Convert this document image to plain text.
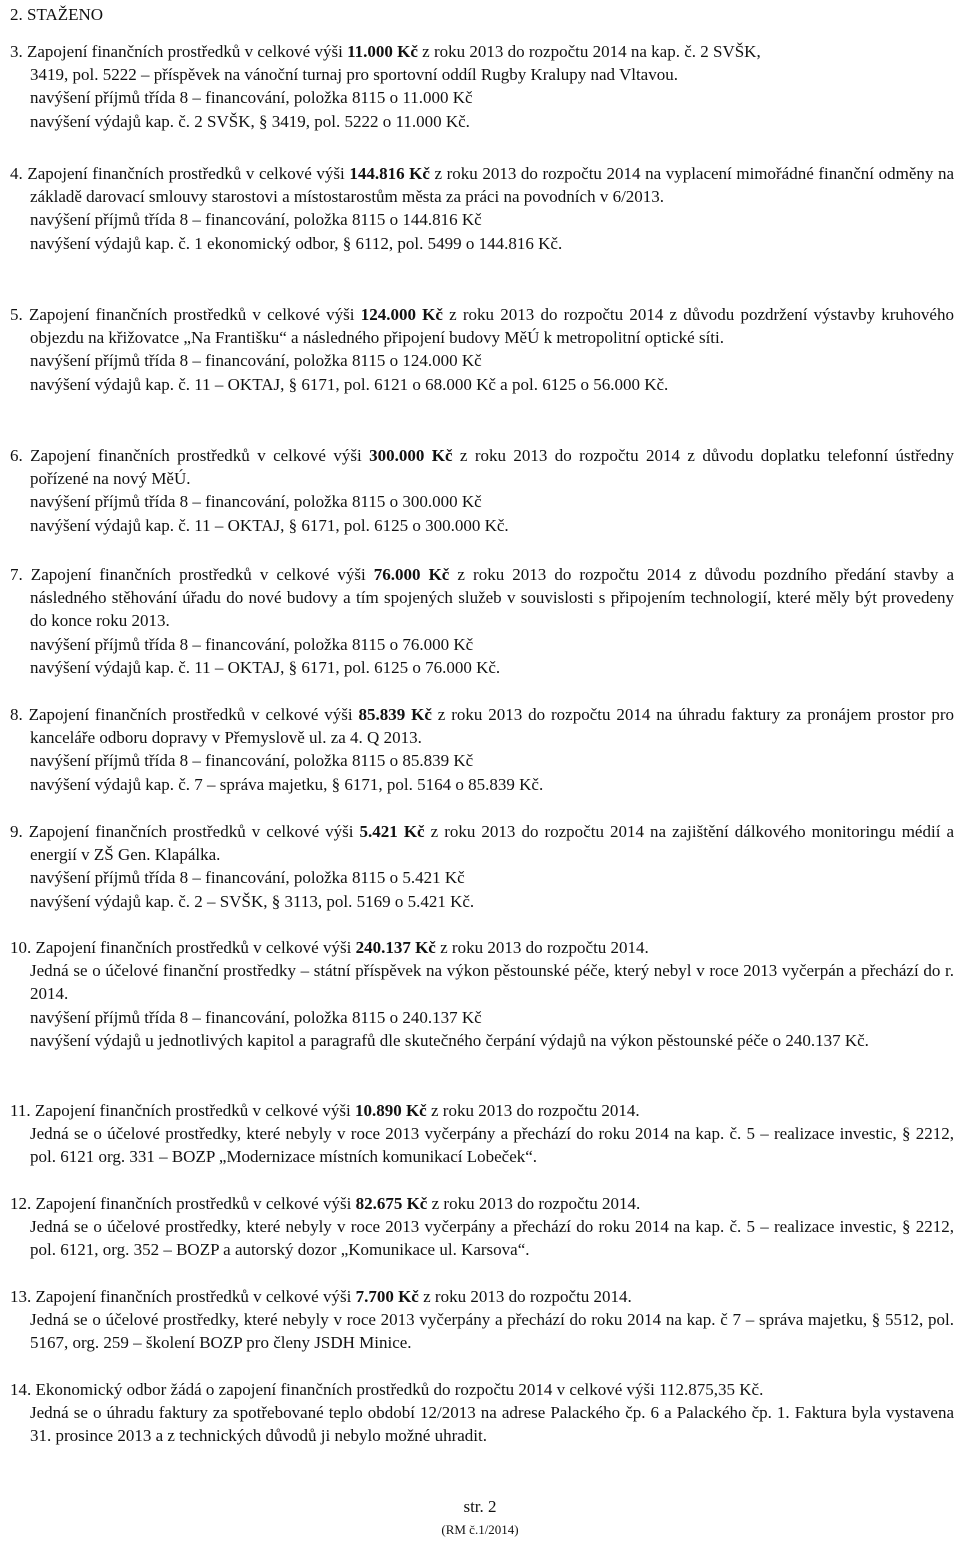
2. STAŽENO
3. Zapojení finančních prostředků v celkové výši 11.000 Kč z roku 2013 do rozpočtu 2014 na kap. č. 2 SVŠK,
3419, pol. 5222 – příspěvek na vánoční turnaj pro sportovní oddíl Rugby Kralupy nad Vltavou.
navýšení příjmů třída 8 – financování, položka 8115 o 11.000 Kč
navýšení výdajů kap. č. 2 SVŠK, § 3419, pol. 5222 o 11.000 Kč.
4. Zapojení finančních prostředků v celkové výši 144.816 Kč z roku 2013 do rozpočtu 2014 na vyplacení mimořádné finanční odměny na základě darovací smlouvy starostovi a místostarostům města za práci na povodních v 6/2013.
navýšení příjmů třída 8 – financování, položka 8115 o 144.816 Kč
navýšení výdajů kap. č. 1 ekonomický odbor, § 6112, pol. 5499 o 144.816 Kč.
5. Zapojení finančních prostředků v celkové výši 124.000 Kč z roku 2013 do rozpočtu 2014 z důvodu pozdržení výstavby kruhového objezdu na křižovatce „Na Františku“ a následného připojení budovy MěÚ k metropolitní optické síti.
navýšení příjmů třída 8 – financování, položka 8115 o 124.000 Kč
navýšení výdajů kap. č. 11 – OKTAJ, § 6171, pol. 6121 o 68.000 Kč a pol. 6125 o 56.000 Kč.
6. Zapojení finančních prostředků v celkové výši 300.000 Kč z roku 2013 do rozpočtu 2014 z důvodu doplatku telefonní ústředny pořízené na nový MěÚ.
navýšení příjmů třída 8 – financování, položka 8115 o 300.000 Kč
navýšení výdajů kap. č. 11 – OKTAJ, § 6171, pol. 6125 o 300.000 Kč.
7. Zapojení finančních prostředků v celkové výši 76.000 Kč z roku 2013 do rozpočtu 2014 z důvodu pozdního předání stavby a následného stěhování úřadu do nové budovy a tím spojených služeb v souvislosti s připojením technologií, které měly být provedeny do konce roku 2013.
navýšení příjmů třída 8 – financování, položka 8115 o 76.000 Kč
navýšení výdajů kap. č. 11 – OKTAJ, § 6171, pol. 6125 o 76.000 Kč.
8. Zapojení finančních prostředků v celkové výši 85.839 Kč z roku 2013 do rozpočtu 2014 na úhradu faktury za pronájem prostor pro kanceláře odboru dopravy v Přemyslově ul. za 4. Q 2013.
navýšení příjmů třída 8 – financování, položka 8115 o 85.839 Kč
navýšení výdajů kap. č. 7 – správa majetku, § 6171, pol. 5164 o 85.839 Kč.
9. Zapojení finančních prostředků v celkové výši 5.421 Kč z roku 2013 do rozpočtu 2014 na zajištění dálkového monitoringu médií a energií v ZŠ Gen. Klapálka.
navýšení příjmů třída 8 – financování, položka 8115 o 5.421 Kč
navýšení výdajů kap. č. 2 – SVŠK, § 3113, pol. 5169 o 5.421 Kč.
10. Zapojení finančních prostředků v celkové výši 240.137 Kč z roku 2013 do rozpočtu 2014.
Jedná se o účelové finanční prostředky – státní příspěvek na výkon pěstounské péče, který nebyl v roce 2013 vyčerpán a přechází do r. 2014.
navýšení příjmů třída 8 – financování, položka 8115 o 240.137 Kč
navýšení výdajů u jednotlivých kapitol a paragrafů dle skutečného čerpání výdajů na výkon pěstounské péče o 240.137 Kč.
11. Zapojení finančních prostředků v celkové výši 10.890 Kč z roku 2013 do rozpočtu 2014.
Jedná se o účelové prostředky, které nebyly v roce 2013 vyčerpány a přechází do roku 2014 na kap. č. 5 – realizace investic, § 2212, pol. 6121 org. 331 – BOZP „Modernizace místních komunikací Lobeček“.
12. Zapojení finančních prostředků v celkové výši 82.675 Kč z roku 2013 do rozpočtu 2014.
Jedná se o účelové prostředky, které nebyly v roce 2013 vyčerpány a přechází do roku 2014 na kap. č. 5 – realizace investic, § 2212, pol. 6121, org. 352 – BOZP a autorský dozor „Komunikace ul. Karsova“.
13. Zapojení finančních prostředků v celkové výši 7.700 Kč z roku 2013 do rozpočtu 2014.
Jedná se o účelové prostředky, které nebyly v roce 2013 vyčerpány a přechází do roku 2014 na kap. č 7 – správa majetku, § 5512, pol. 5167, org. 259 – školení BOZP pro členy JSDH Minice.
14. Ekonomický odbor žádá o zapojení finančních prostředků do rozpočtu 2014 v celkové výši 112.875,35 Kč.
Jedná se o úhradu faktury za spotřebované teplo období 12/2013 na adrese Palackého čp. 6 a Palackého čp. 1. Faktura byla vystavena 31. prosince 2013 a z technických důvodů ji nebylo možné uhradit.
str. 2
(RM č.1/2014)
